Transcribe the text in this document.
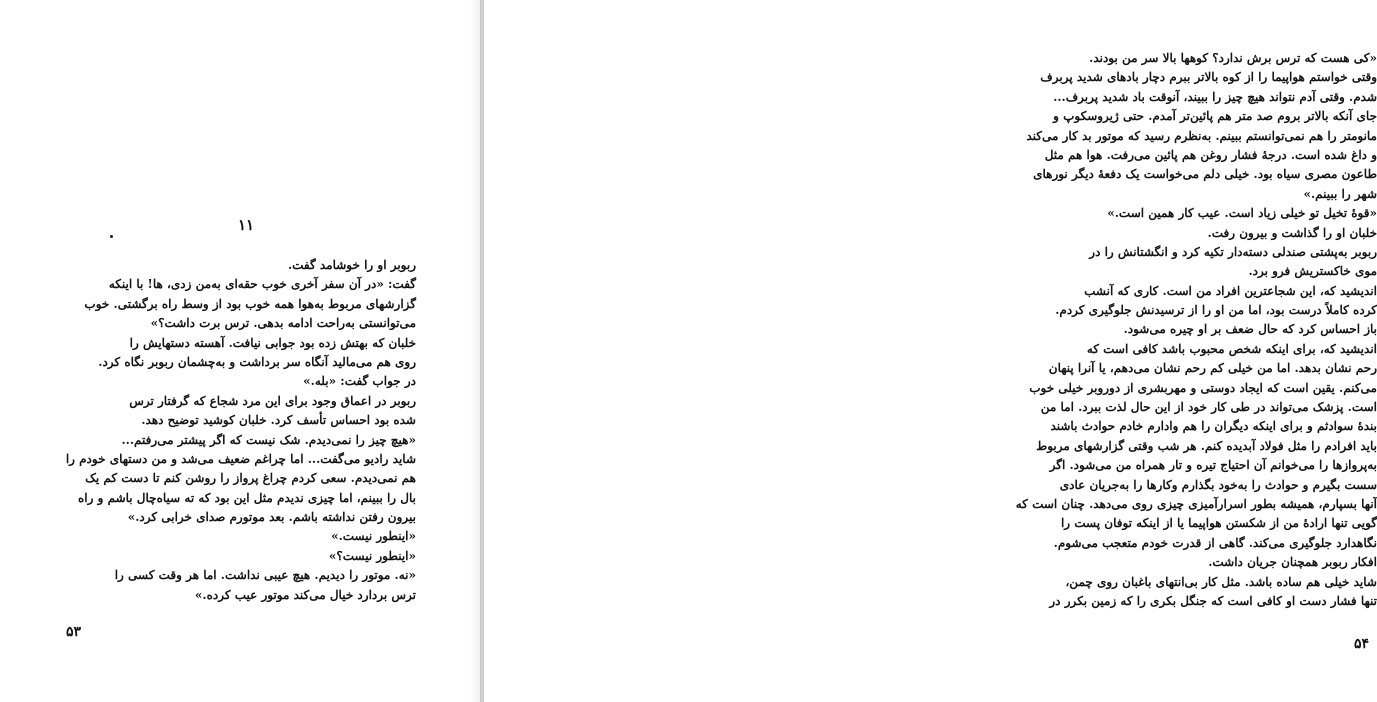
۱۱
ربوبر او را خوشامد گفت.
گفت: «در آن سفر آخری خوب حقه‌ای به‌من زدی، ها! با اینکه
گزارشهای مربوط به‌هوا همه خوب بود از وسط راه برگشتی. خوب
می‌توانستی به‌راحت ادامه بدهی. ترس برت داشت؟»
خلبان که بهتش زده بود جوابی نیافت. آهسته دستهایش را
روی هم می‌مالید آنگاه سر برداشت و به‌چشمان ربوبر نگاه کرد.
در جواب گفت: «بله.»
ربوبر در اعماق وجود برای این مرد شجاع که گرفتار ترس
شده بود احساس تأسف کرد. خلبان کوشید توضیح دهد.
«هیچ چیز را نمی‌دیدم. شک نیست که اگر پیشتر می‌رفتم...
شاید رادیو می‌گفت... اما چراغم ضعیف می‌شد و من دستهای خودم را
هم نمی‌دیدم. سعی کردم چراغ پرواز را روشن کنم تا دست کم یک
بال را ببینم، اما چیزی ندیدم مثل این بود که ته سیاه‌چال باشم و راه
بیرون رفتن نداشته باشم. بعد موتورم صدای خرابی کرد.»
«اینطور نیست.»
«اینطور نیست؟»
«نه. موتور را دیدیم. هیچ عیبی نداشت. اما هر وقت کسی را
ترس بردارد خیال می‌کند موتور عیب کرده.»
۵۳
«کی هست که ترس برش ندارد؟ کوهها بالا سر من بودند.
وقتی خواستم هواپیما را از کوه بالاتر ببرم دچار بادهای شدید پربرف
شدم. وقتی آدم نتواند هیچ چیز را ببیند، آنوقت باد شدید پربرف...
جای آنکه بالاتر بروم صد متر هم پائین‌تر آمدم. حتی ژیروسکوپ و
مانومتر را هم نمی‌توانستم ببینم. به‌نظرم رسید که موتور بد کار می‌کند
و داغ شده است. درجهٔ فشار روغن هم پائین می‌رفت. هوا هم مثل
طاعون مصری سیاه بود. خیلی دلم می‌خواست یک دفعهٔ دیگر نورهای
شهر را ببینم.»
«قوهٔ تخیل تو خیلی زیاد است. عیب کار همین است.»
خلبان او را گذاشت و بیرون رفت.
ربوبر به‌پشتی صندلی دسته‌دار تکیه کرد و انگشتانش را در
موی خاکستریش فرو برد.
اندیشید که، این شجاعترین افراد من است. کاری که آنشب
کرده کاملاً درست بود، اما من او را از ترسیدنش جلوگیری کردم.
باز احساس کرد که حال ضعف بر او چیره می‌شود.
اندیشید که، برای اینکه شخص محبوب باشد کافی است که
رحم نشان بدهد. اما من خیلی کم رحم نشان می‌دهم، یا آنرا پنهان
می‌کنم. یقین است که ایجاد دوستی و مهربشری از دوروبر خیلی خوب
است. پزشک می‌تواند در طی کار خود از این حال لذت ببرد. اما من
بندهٔ سوادثم و برای اینکه دیگران را هم وادارم خادم حوادث باشند
باید افرادم را مثل فولاد آبدیده کنم. هر شب وقتی گزارشهای مربوط
به‌پروازها را می‌خوانم آن احتیاج تیره و تار همراه من می‌شود. اگر
سست بگیرم و حوادث را به‌خود بگذارم وکارها را به‌جریان عادی
آنها بسپارم، همیشه بطور اسرارآمیزی چیزی روی می‌دهد. چنان است که
گویی تنها ارادهٔ من از شکستن هواپیما یا از اینکه توفان پست را
نگاهدارد جلوگیری می‌کند. گاهی از قدرت خودم متعجب می‌شوم.
افکار ربوبر همچنان جریان داشت.
شاید خیلی هم ساده باشد. مثل کار بی‌انتهای باغبان روی چمن،
تنها فشار دست او کافی است که جنگل بکری را که زمین بکرر در
۵۴
